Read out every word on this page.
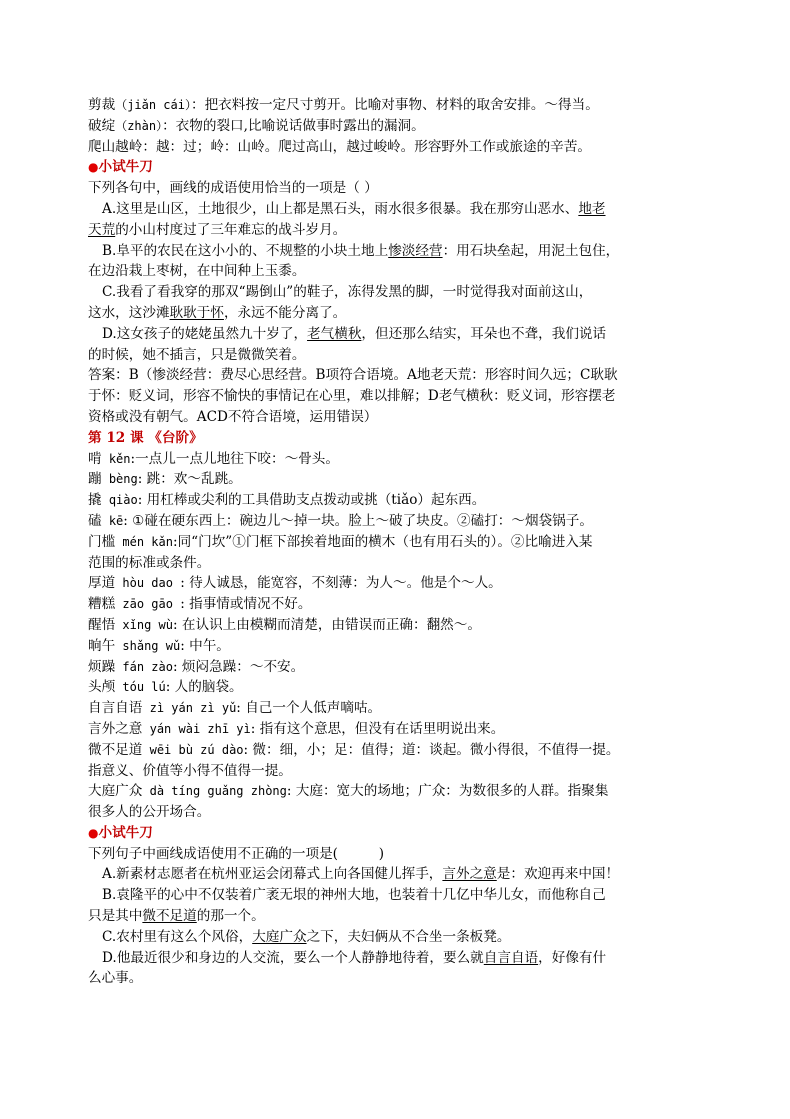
剪裁（jiǎn cái）：把衣料按一定尺寸剪开。比喻对事物、材料的取舍安排。～得当。
破绽（zhàn）：衣物的裂口,比喻说话做事时露出的漏洞。
爬山越岭：越：过；岭：山岭。爬过高山，越过峻岭。形容野外工作或旅途的辛苦。
●小试牛刀
下列各句中，画线的成语使用恰当的一项是（ ）
A.这里是山区，土地很少，山上都是黑石头，雨水很多很暴。我在那穷山恶水、地老
天荒的小山村度过了三年难忘的战斗岁月。
B.阜平的农民在这小小的、不规整的小块土地上惨淡经营：用石块垒起，用泥土包住，
在边沿栽上枣树，在中间种上玉黍。
C.我看了看我穿的那双“踢倒山”的鞋子，冻得发黑的脚，一时觉得我对面前这山，
这水，这沙滩耿耿于怀，永远不能分离了。
D.这女孩子的姥姥虽然九十岁了，老气横秋，但还那么结实，耳朵也不聋，我们说话
的时候，她不插言，只是微微笑着。
答案：B（惨淡经营：费尽心思经营。B项符合语境。A地老天荒：形容时间久远；C耿耿
于怀：贬义词，形容不愉快的事情记在心里，难以排解；D老气横秋：贬义词，形容摆老
资格或没有朝气。ACD不符合语境，运用错误）
第 12 课 《台阶》
啃 kěn:一点儿一点儿地往下咬：～骨头。
蹦 bèng: 跳：欢～乱跳。
撬 qiào: 用杠棒或尖利的工具借助支点拨动或挑（tiǎo）起东西。
磕 kē: ①碰在硬东西上：碗边儿～掉一块。脸上～破了块皮。②磕打：～烟袋锅子。
门槛 mén kǎn:同“门坎”①门框下部挨着地面的横木（也有用石头的）。②比喻进入某
范围的标准或条件。
厚道 hòu dao : 待人诚恳，能宽容，不刻薄：为人～。他是个～人。
糟糕 zāo gāo : 指事情或情况不好。
醒悟 xǐng wù: 在认识上由模糊而清楚，由错误而正确：翻然～。
晌午 shǎng wǔ: 中午。
烦躁 fán zào: 烦闷急躁：～不安。
头颅 tóu lú: 人的脑袋。
自言自语 zì yán zì yǔ: 自己一个人低声嘀咕。
言外之意 yán wài zhī yì: 指有这个意思，但没有在话里明说出来。
微不足道 wēi bù zú dào: 微：细，小；足：值得；道：谈起。微小得很，不值得一提。
指意义、价值等小得不值得一提。
大庭广众 dà tíng guǎng zhòng: 大庭：宽大的场地；广众：为数很多的人群。指聚集
很多人的公开场合。
●小试牛刀
下列句子中画线成语使用不正确的一项是(　　　)
A.新素材志愿者在杭州亚运会闭幕式上向各国健儿挥手，言外之意是：欢迎再来中国！
B.袁隆平的心中不仅装着广袤无垠的神州大地，也装着十几亿中华儿女，而他称自己
只是其中微不足道的那一个。
C.农村里有这么个风俗，大庭广众之下，夫妇俩从不合坐一条板凳。
D.他最近很少和身边的人交流，要么一个人静静地待着，要么就自言自语，好像有什
么心事。
